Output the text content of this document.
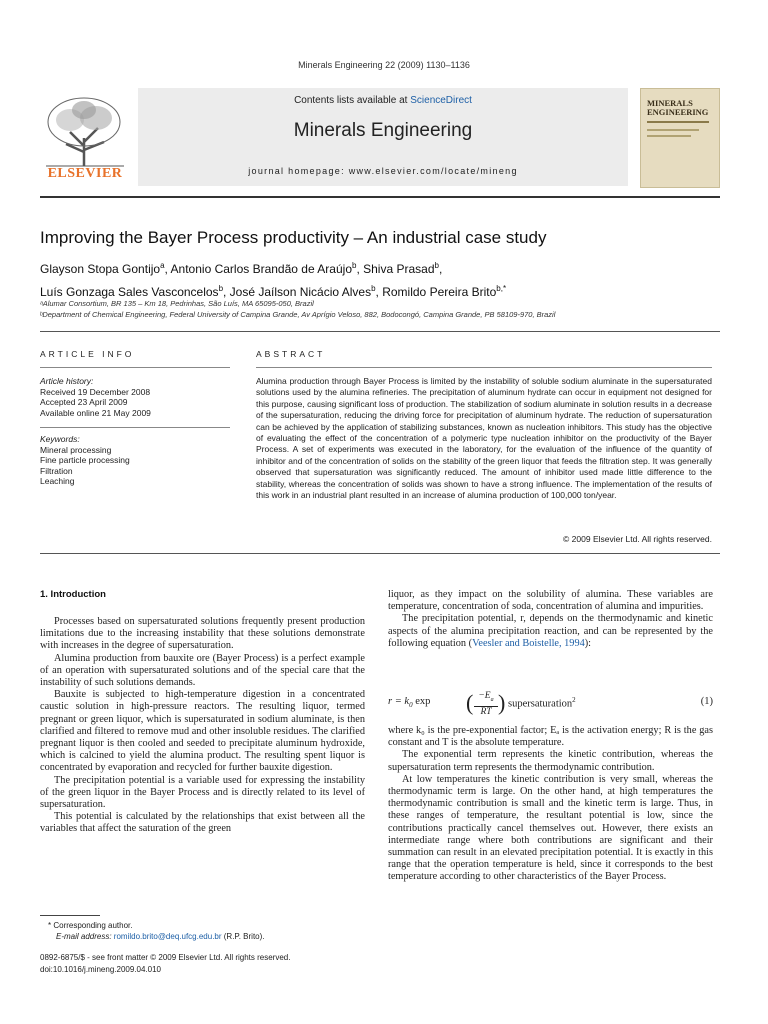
Minerals Engineering 22 (2009) 1130–1136
ELSEVIER
Contents lists available at ScienceDirect
Minerals Engineering
journal homepage: www.elsevier.com/locate/mineng
MINERALS ENGINEERING
Improving the Bayer Process productivity – An industrial case study
Glayson Stopa Gontijo$^a$, Antonio Carlos Brandão de Araújo$^b$, Shiva Prasad$^b$,
Luís Gonzaga Sales Vasconcelos$^b$, José Jaílson Nicácio Alves$^b$, Romildo Pereira Brito$^{b,*}$
ᵃAlumar Consortium, BR 135 – Km 18, Pedrinhas, São Luís, MA 65095-050, Brazil
ᵇDepartment of Chemical Engineering, Federal University of Campina Grande, Av Aprígio Veloso, 882, Bodocongó, Campina Grande, PB 58109-970, Brazil
ARTICLE INFO
Article history:
Received 19 December 2008
Accepted 23 April 2009
Available online 21 May 2009
Keywords:
Mineral processing
Fine particle processing
Filtration
Leaching
ABSTRACT
Alumina production through Bayer Process is limited by the instability of soluble sodium aluminate in the supersaturated solutions used by the alumina refineries. The precipitation of aluminum hydrate can occur in equipment not designed for this purpose, causing significant loss of production. The stabilization of sodium aluminate in solution results in a decrease of the supersaturation, reducing the driving force for precipitation of aluminum hydrate. The reduction of supersaturation can be achieved by the application of stabilizing substances, known as nucleation inhibitors. This study has the objective of evaluating the effect of the concentration of a polymeric type nucleation inhibitor on the productivity of the Bayer Process. A set of experiments was executed in the laboratory, for the evaluation of the influence of the quantity of inhibitor and of the concentration of solids on the stability of the green liquor that feeds the filtration step. It was generally observed that supersaturation was significantly reduced. The amount of inhibitor used made little difference to the stability, whereas the concentration of solids was shown to have a strong influence. The implementation of the results of this work in an industrial plant resulted in an increase of alumina production of 100,000 ton/year.
© 2009 Elsevier Ltd. All rights reserved.
1. Introduction

Processes based on supersaturated solutions frequently present production limitations due to the increasing instability that these solutions demonstrate with increases in the degree of supersaturation.

Alumina production from bauxite ore (Bayer Process) is a perfect example of an operation with supersaturated solutions and of the special care that the instability of such solutions demands.

Bauxite is subjected to high-temperature digestion in a concentrated caustic solution in high-pressure reactors. The resulting liquor, termed pregnant or green liquor, which is supersaturated in sodium aluminate, is then clarified and filtered to remove mud and other insoluble residues. The clarified pregnant liquor is then cooled and seeded to precipitate aluminum hydroxide, which is calcined to yield the alumina product. The resulting spent liquor is concentrated by evaporation and recycled for further bauxite digestion.

The precipitation potential is a variable used for expressing the instability of the green liquor in the Bayer Process and is directly related to its level of supersaturation.

This potential is calculated by the relationships that exist between all the variables that affect the saturation of the green

* Corresponding author.
E-mail address: romildo.brito@deq.ufcg.edu.br (R.P. Brito).
0892-6875/$ - see front matter © 2009 Elsevier Ltd. All rights reserved.
doi:10.1016/j.mineng.2009.04.010

liquor, as they impact on the solubility of alumina. These variables are temperature, concentration of soda, concentration of alumina and impurities.

The precipitation potential, r, depends on the thermodynamic and kinetic aspects of the alumina precipitation reaction, and can be represented by the following equation (Veesler and Boistelle, 1994):

$r = k_0$ exp ( $\frac{-E_a}{RT}$ ) supersaturation$^2$	(1)

where k₀ is the pre-exponential factor; Eₐ is the activation energy; R is the gas constant and T is the absolute temperature.

The exponential term represents the kinetic contribution, whereas the supersaturation term represents the thermodynamic contribution.

At low temperatures the kinetic contribution is very small, whereas the thermodynamic term is large. On the other hand, at high temperatures the thermodynamic contribution is small and the kinetic term is large. Thus, in these ranges of temperature, the resultant potential is low, since the contributions practically cancel themselves out. However, there exists an intermediate range where both contributions are significant and their summation can result in an elevated precipitation potential. It is exactly in this range that the operation temperature is held, since it corresponds to the best temperature according to other characteristics of the Bayer Process.
